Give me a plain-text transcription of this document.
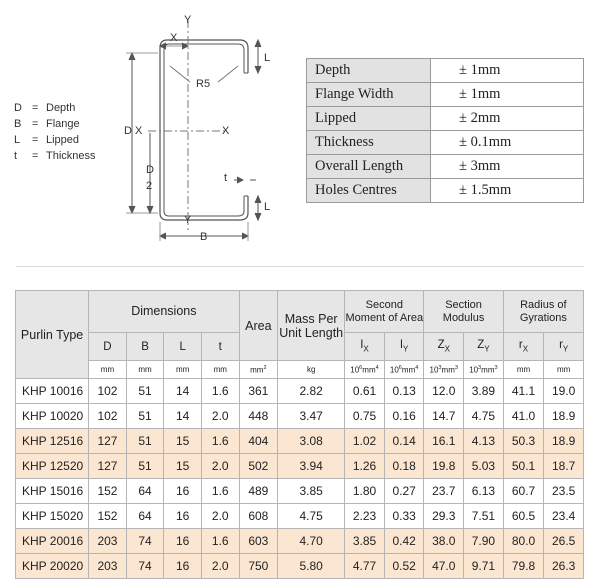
D = Depth
B = Flange
L	= Lipped
t	= Thickness
Y
X
L
R5
D X	X
D
2
t
L
Y
B
Depth	± 1mm
Flange Width	± 1mm
Lipped	± 2mm
Thickness	± 0.1mm
Overall Length	± 3mm
Holes Centres	± 1.5mm
Purlin Type	Dimensions				Area	Mass Per Unit Length	Second Moment of Area		Section Modulus		Radius of Gyrations	
	D	B	L	t			$I_X$	$I_Y$	$Z_X$	$Z_Y$	$r_X$	$r_Y$
	mm	mm	mm	mm	$mm^2$	kg	$10^6mm^4$	$10^6mm^4$	$10^3mm^3$	$10^3mm^3$	mm	mm
KHP 10016	102	51	14	1.6	361	2.82	0.61	0.13	12.0	3.89	41.1	19.0
KHP 10020	102	51	14	2.0	448	3.47	0.75	0.16	14.7	4.75	41.0	18.9
KHP 12516	127	51	15	1.6	404	3.08	1.02	0.14	16.1	4.13	50.3	18.9
KHP 12520	127	51	15	2.0	502	3.94	1.26	0.18	19.8	5.03	50.1	18.7
KHP 15016	152	64	16	1.6	489	3.85	1.80	0.27	23.7	6.13	60.7	23.5
KHP 15020	152	64	16	2.0	608	4.75	2.23	0.33	29.3	7.51	60.5	23.4
KHP 20016	203	74	16	1.6	603	4.70	3.85	0.42	38.0	7.90	80.0	26.5
KHP 20020	203	74	16	2.0	750	5.80	4.77	0.52	47.0	9.71	79.8	26.3
